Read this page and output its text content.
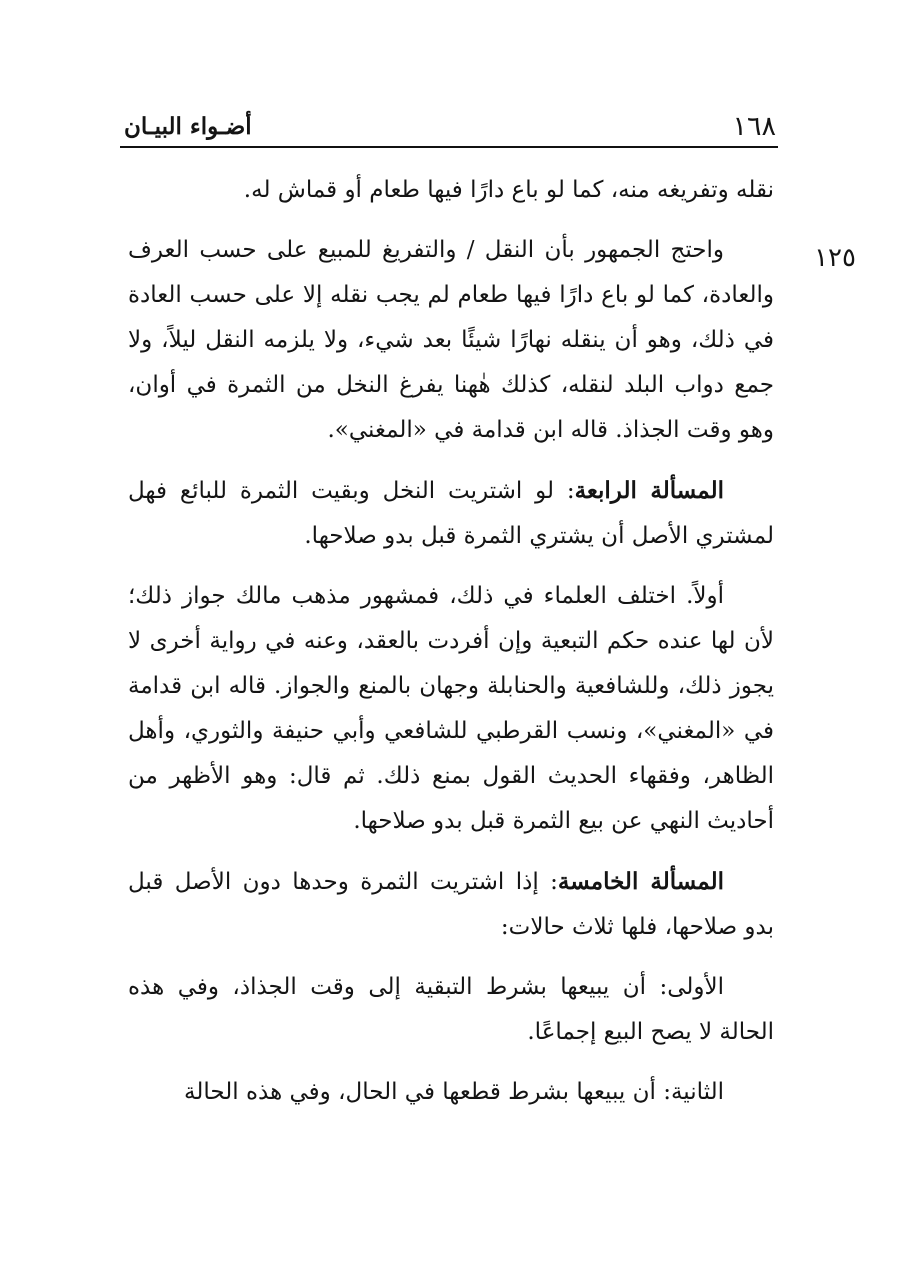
١٦٨
أضـواء البيـان
١٢٥

نقله وتفريغه منه، كما لو باع دارًا فيها طعام أو قماش له.

واحتج الجمهور بأن النقل / والتفريغ للمبيع على حسب العرف والعادة، كما لو باع دارًا فيها طعام لم يجب نقله إلا على حسب العادة في ذلك، وهو أن ينقله نهارًا شيئًا بعد شيء، ولا يلزمه النقل ليلاً، ولا جمع دواب البلد لنقله، كذلك هٰهنا يفرغ النخل من الثمرة في أوان، وهو وقت الجذاذ. قاله ابن قدامة في «المغني».

المسألة الرابعة: لو اشتريت النخل وبقيت الثمرة للبائع فهل لمشتري الأصل أن يشتري الثمرة قبل بدو صلاحها.

أولاً. اختلف العلماء في ذلك، فمشهور مذهب مالك جواز ذلك؛ لأن لها عنده حكم التبعية وإن أفردت بالعقد، وعنه في رواية أخرى لا يجوز ذلك، وللشافعية والحنابلة وجهان بالمنع والجواز. قاله ابن قدامة في «المغني»، ونسب القرطبي للشافعي وأبي حنيفة والثوري، وأهل الظاهر، وفقهاء الحديث القول بمنع ذلك. ثم قال: وهو الأظهر من أحاديث النهي عن بيع الثمرة قبل بدو صلاحها.

المسألة الخامسة: إذا اشتريت الثمرة وحدها دون الأصل قبل بدو صلاحها، فلها ثلاث حالات:

الأولى: أن يبيعها بشرط التبقية إلى وقت الجذاذ، وفي هذه الحالة لا يصح البيع إجماعًا.

الثانية: أن يبيعها بشرط قطعها في الحال، وفي هذه الحالة
